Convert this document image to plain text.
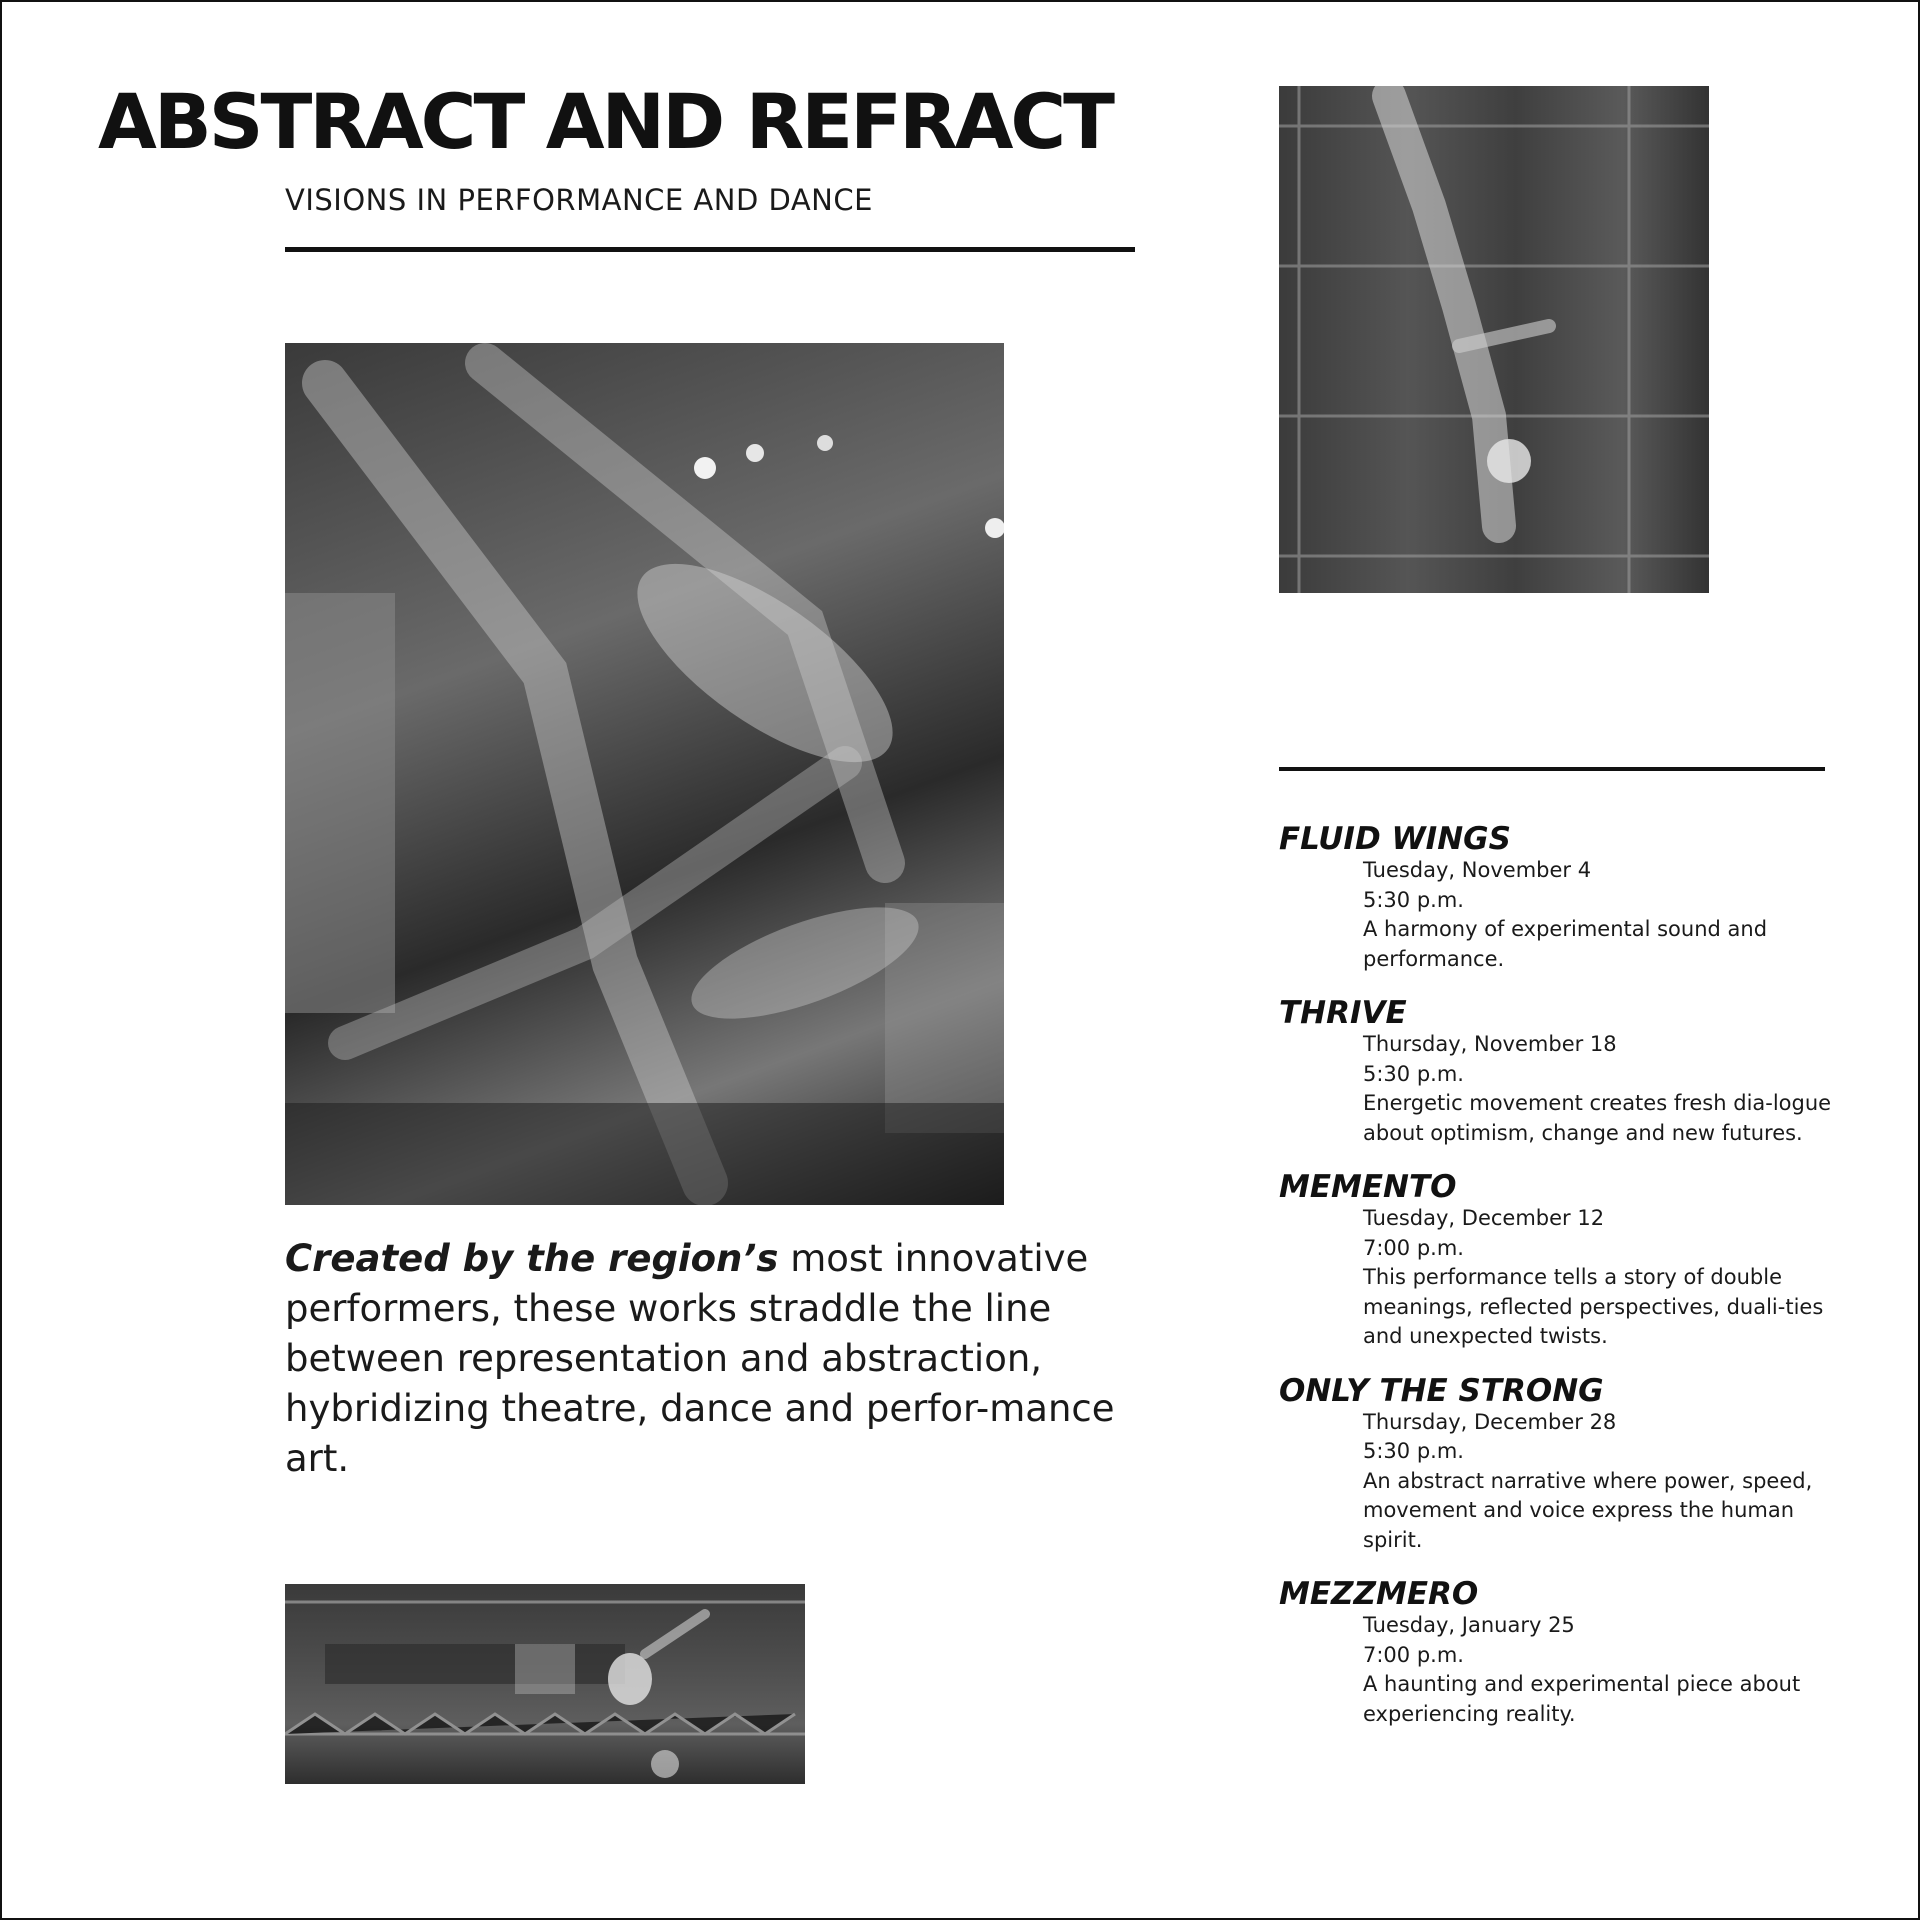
ABSTRACT AND REFRACT
VISIONS IN PERFORMANCE AND DANCE

Created by the region’s most innovative performers, these works straddle the line between representation and abstraction, hybridizing theatre, dance and perfor-mance art.

FLUID WINGS
Tuesday, November 4
5:30 p.m.
A harmony of experimental sound and performance.
THRIVE
Thursday, November 18
5:30 p.m.
Energetic movement creates fresh dia-logue about optimism, change and new futures.
MEMENTO
Tuesday, December 12
7:00 p.m.
This performance tells a story of double meanings, reflected perspectives, duali-ties and unexpected twists.
ONLY THE STRONG
Thursday, December 28
5:30 p.m.
An abstract narrative where power, speed, movement and voice express the human spirit.
MEZZMERO
Tuesday, January 25
7:00 p.m.
A haunting and experimental piece about experiencing reality.
